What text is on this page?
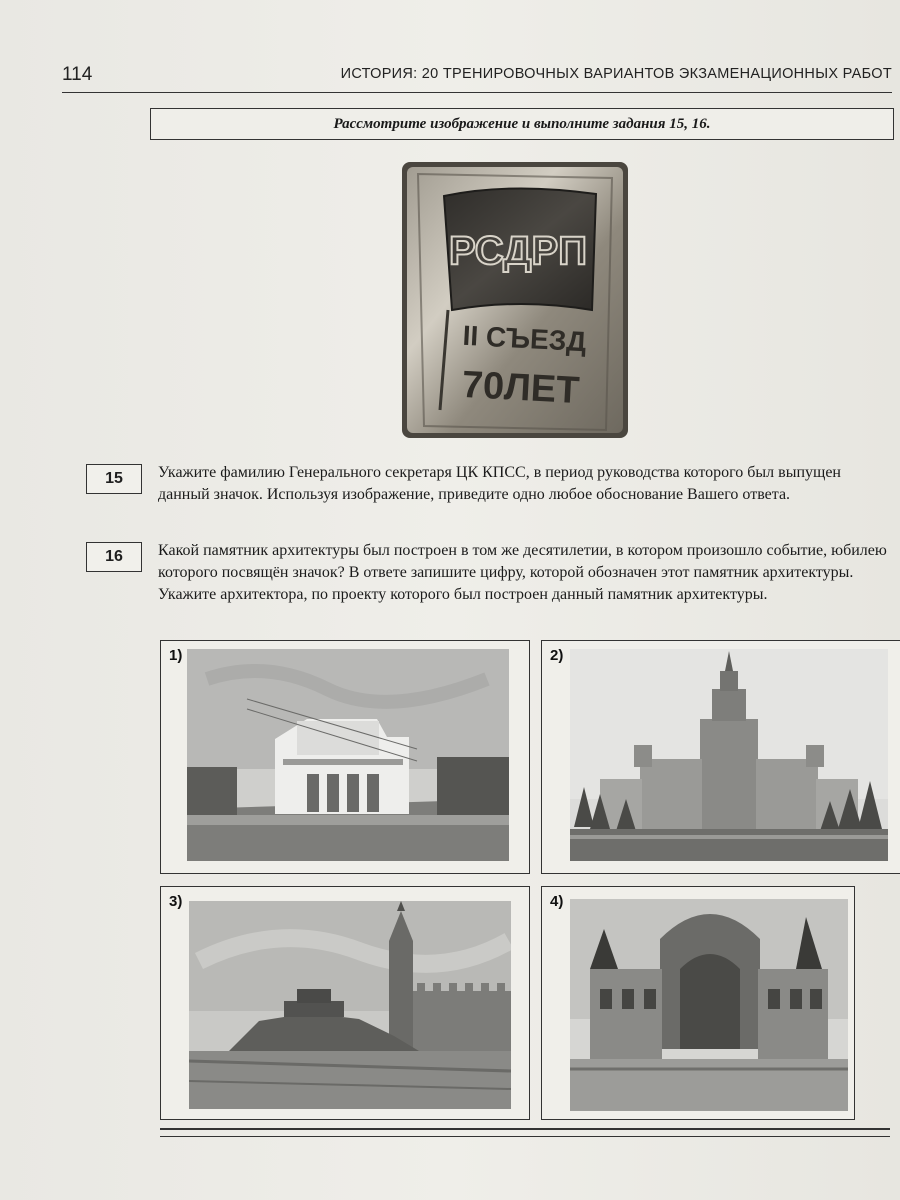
114	ИСТОРИЯ: 20 ТРЕНИРОВОЧНЫХ ВАРИАНТОВ ЭКЗАМЕНАЦИОННЫХ РАБОТ
Рассмотрите изображение и выполните задания 15, 16.
РСДРП
II СЪЕЗД
70ЛЕТ
15	Укажите фамилию Генерального секретаря ЦК КПСС, в период руководства которого был выпущен данный значок. Используя изображение, приведите одно любое обоснование Вашего ответа.
16	Какой памятник архитектуры был построен в том же десятилетии, в котором произошло событие, юбилею которого посвящён значок? В ответе запишите цифру, которой обозначен этот памятник архитектуры. Укажите архитектора, по проекту которого был построен данный памятник архитектуры.
1)	2)
3)	4)
